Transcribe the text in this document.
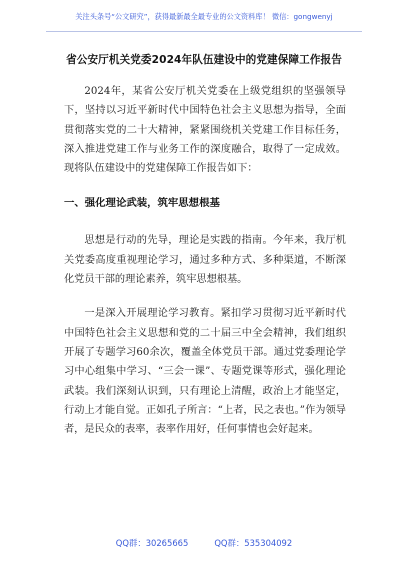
关注头条号“公文研究”，获得最新最全最专业的公文资料库！ 微信：gongwenyj
省公安厅机关党委2024年队伍建设中的党建保障工作报告

2024年，某省公安厅机关党委在上级党组织的坚强领导下，坚持以习近平新时代中国特色社会主义思想为指导，全面贯彻落实党的二十大精神，紧紧围绕机关党建工作目标任务，深入推进党建工作与业务工作的深度融合，取得了一定成效。现将队伍建设中的党建保障工作报告如下：

一、强化理论武装，筑牢思想根基

思想是行动的先导，理论是实践的指南。今年来，我厅机关党委高度重视理论学习，通过多种方式、多种渠道，不断深化党员干部的理论素养，筑牢思想根基。

一是深入开展理论学习教育。紧扣学习贯彻习近平新时代中国特色社会主义思想和党的二十届三中全会精神，我们组织开展了专题学习60余次，覆盖全体党员干部。通过党委理论学习中心组集中学习、“三会一课”、专题党课等形式，强化理论武装。我们深刻认识到，只有理论上清醒，政治上才能坚定，行动上才能自觉。正如孔子所言：“上者，民之表也。”作为领导者，是民众的表率，表率作用好，任何事情也会好起来。

QQ群：30265665	QQ群：535304092
